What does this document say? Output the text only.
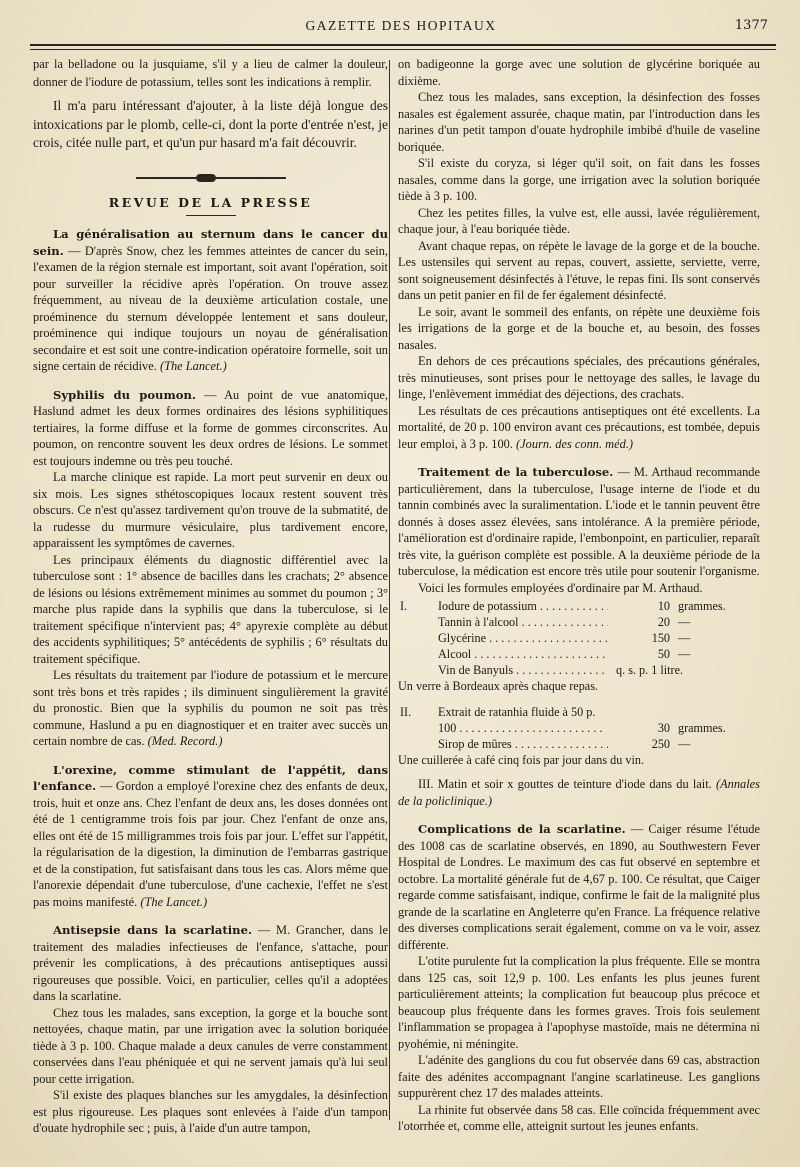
GAZETTE DES HOPITAUX	1377

par la belladone ou la jusquiame, s'il y a lieu de calmer la douleur, donner de l'iodure de potassium, telles sont les indications à remplir.

Il m'a paru intéressant d'ajouter, à la liste déjà longue des intoxications par le plomb, celle-ci, dont la porte d'entrée n'est, je crois, citée nulle part, et qu'un pur hasard m'a fait découvrir.

REVUE DE LA PRESSE

La généralisation au sternum dans le cancer du sein. — D'après Snow, chez les femmes atteintes de cancer du sein, l'examen de la région sternale est important, soit avant l'opération, soit pour surveiller la récidive après l'opération. On trouve assez fréquemment, au niveau de la deuxième articulation costale, une proéminence du sternum développée lentement et sans douleur, proéminence qui indique toujours un noyau de généralisation secondaire et est soit une contre-indication opératoire formelle, soit un signe certain de récidive. (The Lancet.)

Syphilis du poumon. — Au point de vue anatomique, Haslund admet les deux formes ordinaires des lésions syphilitiques tertiaires, la forme diffuse et la forme de gommes circonscrites. Au poumon, on rencontre souvent les deux ordres de lésions. Le sommet est toujours indemne ou très peu touché.

La marche clinique est rapide. La mort peut survenir en deux ou six mois. Les signes sthétoscopiques locaux restent souvent très obscurs. Ce n'est qu'assez tardivement qu'on trouve de la submatité, de la rudesse du murmure vésiculaire, plus tardivement encore, apparaissent les symptômes de cavernes.

Les principaux éléments du diagnostic différentiel avec la tuberculose sont : 1° absence de bacilles dans les crachats; 2° absence de lésions ou lésions extrêmement minimes au sommet du poumon ; 3° marche plus rapide dans la syphilis que dans la tuberculose, si le traitement spécifique n'intervient pas; 4° apyrexie complète au début des accidents syphilitiques; 5° antécédents de syphilis ; 6° résultats du traitement spécifique.

Les résultats du traitement par l'iodure de potassium et le mercure sont très bons et très rapides ; ils diminuent singulièrement la gravité du pronostic. Bien que la syphilis du poumon ne soit pas très commune, Haslund a pu en diagnostiquer et en traiter avec succès un certain nombre de cas. (Med. Record.)

L'orexine, comme stimulant de l'appétit, dans l'enfance. — Gordon a employé l'orexine chez des enfants de deux, trois, huit et onze ans. Chez l'enfant de deux ans, les doses données ont été de 1 centigramme trois fois par jour. Chez l'enfant de onze ans, elles ont été de 15 milligrammes trois fois par jour. L'effet sur l'appétit, la régularisation de la digestion, la diminution de l'embarras gastrique et de la constipation, fut satisfaisant dans tous les cas. Alors même que l'anorexie dépendait d'une tuberculose, d'une cachexie, l'effet ne s'est pas moins manifesté. (The Lancet.)

Antisepsie dans la scarlatine. — M. Grancher, dans le traitement des maladies infectieuses de l'enfance, s'attache, pour prévenir les complications, à des précautions antiseptiques aussi rigoureuses que possible. Voici, en particulier, celles qu'il a adoptées dans la scarlatine.

Chez tous les malades, sans exception, la gorge et la bouche sont nettoyées, chaque matin, par une irrigation avec la solution boriquée tiède à 3 p. 100. Chaque malade a deux canules de verre constamment conservées dans l'eau phéniquée et qui ne servent jamais qu'à lui seul pour cette irrigation.

S'il existe des plaques blanches sur les amygdales, la désinfection est plus rigoureuse. Les plaques sont enlevées à l'aide d'un tampon d'ouate hydrophile sec ; puis, à l'aide d'un autre tampon,

on badigeonne la gorge avec une solution de glycérine boriquée au dixième.

Chez tous les malades, sans exception, la désinfection des fosses nasales est également assurée, chaque matin, par l'introduction dans les narines d'un petit tampon d'ouate hydrophile imbibé d'huile de vaseline boriquée.

S'il existe du coryza, si léger qu'il soit, on fait dans les fosses nasales, comme dans la gorge, une irrigation avec la solution boriquée tiède à 3 p. 100.

Chez les petites filles, la vulve est, elle aussi, lavée régulièrement, chaque jour, à l'eau boriquée tiède.

Avant chaque repas, on répète le lavage de la gorge et de la bouche. Les ustensiles qui servent au repas, couvert, assiette, serviette, verre, sont soigneusement désinfectés à l'étuve, le repas fini. Ils sont conservés dans un petit panier en fil de fer également désinfecté.

Le soir, avant le sommeil des enfants, on répète une deuxième fois les irrigations de la gorge et de la bouche et, au besoin, des fosses nasales.

En dehors de ces précautions spéciales, des précautions générales, très minutieuses, sont prises pour le nettoyage des salles, le lavage du linge, l'enlèvement immédiat des déjections, des crachats.

Les résultats de ces précautions antiseptiques ont été excellents. La mortalité, de 20 p. 100 environ avant ces précautions, est tombée, depuis leur emploi, à 3 p. 100. (Journ. des conn. méd.)

Traitement de la tuberculose. — M. Arthaud recommande particulièrement, dans la tuberculose, l'usage interne de l'iode et du tannin combinés avec la suralimentation. L'iode et le tannin peuvent être donnés à doses assez élevées, sans intolérance. A la première période, l'amélioration est d'ordinaire rapide, l'embonpoint, en particulier, reparaît très vite, la guérison complète est possible. A la deuxième période de la tuberculose, la médication est encore très utile pour soutenir l'organisme.

Voici les formules employées d'ordinaire par M. Arthaud.

I.	Iodure de potassium . . .	10 grammes.
Tannin à l'alcool . . .	20 —
Glycérine . . .	150 —
Alcool . . .	50 —
Vin de Banyuls . . .	q. s. p. 1 litre.

Un verre à Bordeaux après chaque repas.

II.	Extrait de ratanhia fluide à 50 p.
100 . . .	30 grammes.
Sirop de mûres . . .	250 —

Une cuillerée à café cinq fois par jour dans du vin.

III. Matin et soir x gouttes de teinture d'iode dans du lait. (Annales de la policlinique.)

Complications de la scarlatine. — Caiger résume l'étude des 1008 cas de scarlatine observés, en 1890, au Southwestern Fever Hospital de Londres. Le maximum des cas fut observé en septembre et octobre. La mortalité générale fut de 4,67 p. 100. Ce résultat, que Caiger regarde comme satisfaisant, indique, confirme le fait de la malignité plus grande de la scarlatine en Angleterre qu'en France. La fréquence relative des diverses complications serait également, comme on va le voir, assez différente.

L'otite purulente fut la complication la plus fréquente. Elle se montra dans 125 cas, soit 12,9 p. 100. Les enfants les plus jeunes furent particulièrement atteints; la complication fut beaucoup plus précoce et beaucoup plus fréquente dans les formes graves. Trois fois seulement l'inflammation se propagea à l'apophyse mastoïde, mais ne détermina ni pyohémie, ni méningite.

L'adénite des ganglions du cou fut observée dans 69 cas, abstraction faite des adénites accompagnant l'angine scarlatineuse. Les ganglions suppurèrent chez 17 des malades atteints.

La rhinite fut observée dans 58 cas. Elle coïncida fréquemment avec l'otorrhée et, comme elle, atteignit surtout les jeunes enfants.
